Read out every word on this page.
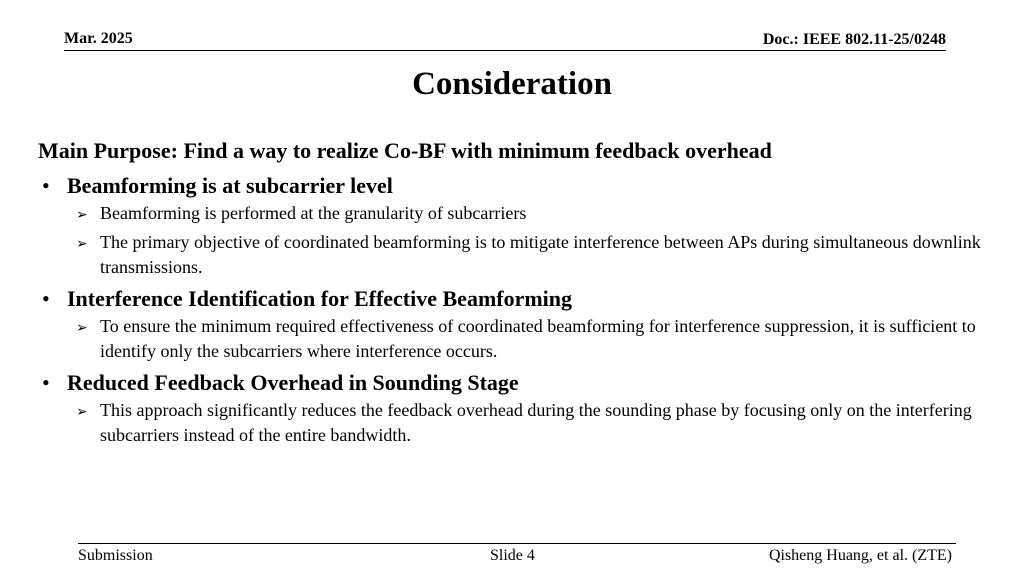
Mar. 2025	Doc.: IEEE 802.11-25/0248
Consideration
Main Purpose: Find a way to realize Co-BF with minimum feedback overhead
• Beamforming is at subcarrier level
➢ Beamforming is performed at the granularity of subcarriers
➢ The primary objective of coordinated beamforming is to mitigate interference between APs during simultaneous downlink transmissions.
• Interference Identification for Effective Beamforming
➢ To ensure the minimum required effectiveness of coordinated beamforming for interference suppression, it is sufficient to identify only the subcarriers where interference occurs.
• Reduced Feedback Overhead in Sounding Stage
➢ This approach significantly reduces the feedback overhead during the sounding phase by focusing only on the interfering subcarriers instead of the entire bandwidth.
Submission	Slide 4	Qisheng Huang, et al. (ZTE)
